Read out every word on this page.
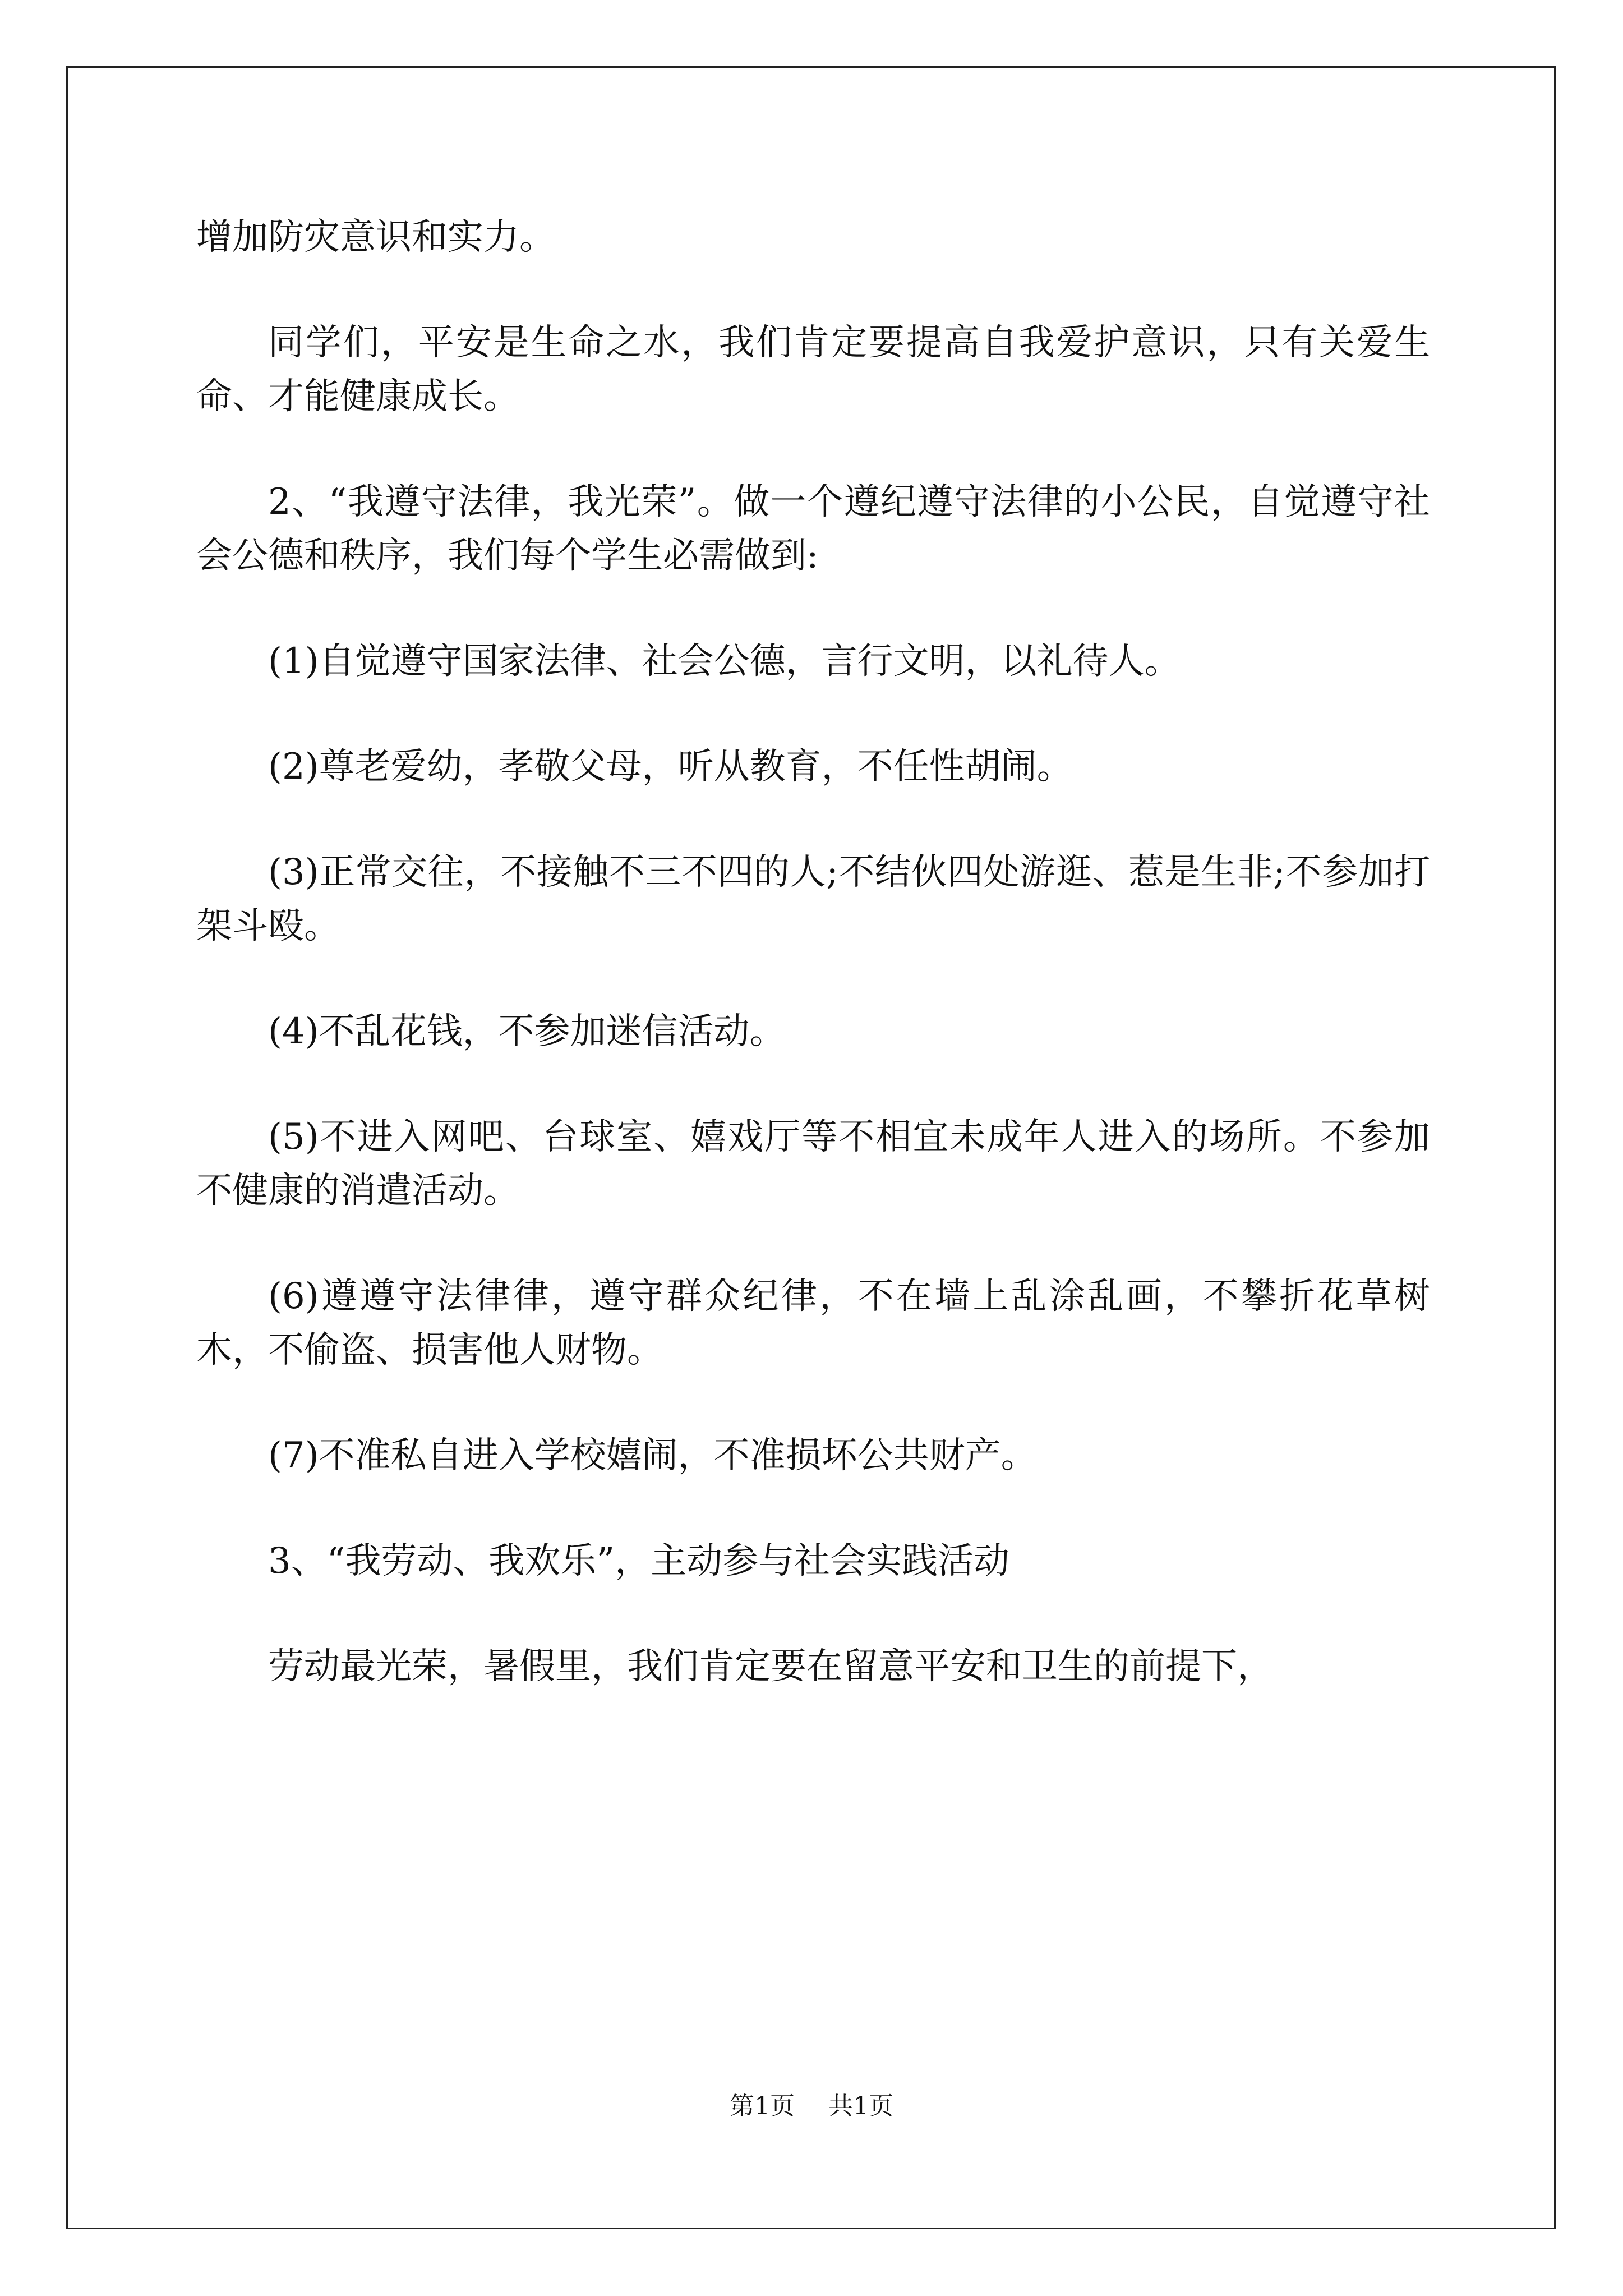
增加防灾意识和实力。

同学们，平安是生命之水，我们肯定要提高自我爱护意识，只有关爱生命、才能健康成长。

2、“我遵守法律，我光荣”。做一个遵纪遵守法律的小公民，自觉遵守社会公德和秩序，我们每个学生必需做到:

(1)自觉遵守国家法律、社会公德，言行文明，以礼待人。

(2)尊老爱幼，孝敬父母，听从教育，不任性胡闹。

(3)正常交往，不接触不三不四的人;不结伙四处游逛、惹是生非;不参加打架斗殴。

(4)不乱花钱，不参加迷信活动。

(5)不进入网吧、台球室、嬉戏厅等不相宜未成年人进入的场所。不参加不健康的消遣活动。

(6)遵遵守法律律，遵守群众纪律，不在墙上乱涂乱画，不攀折花草树木，不偷盗、损害他人财物。

(7)不准私自进入学校嬉闹，不准损坏公共财产。

3、“我劳动、我欢乐”，主动参与社会实践活动

劳动最光荣，暑假里，我们肯定要在留意平安和卫生的前提下，

第1页 共1页
